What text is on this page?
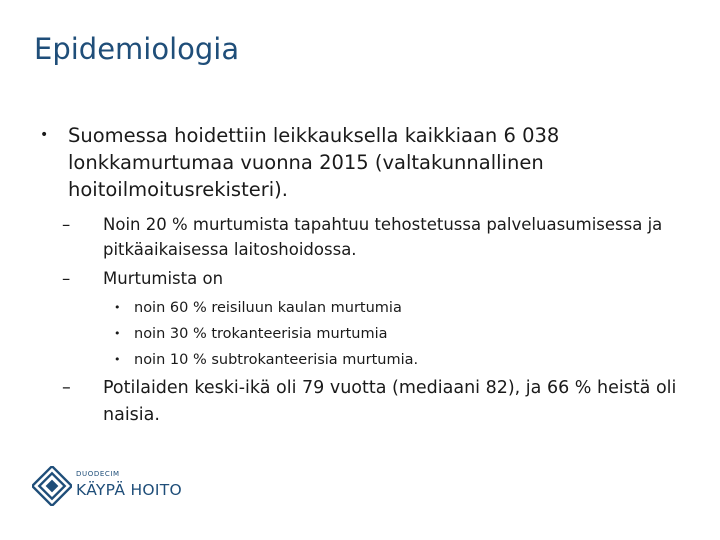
Epidemiologia
• Suomessa hoidettiin leikkauksella kaikkiaan 6 038 lonkkamurtumaa vuonna 2015 (valtakunnallinen hoitoilmoitusrekisteri).
– Noin 20 % murtumista tapahtuu tehostetussa palveluasumisessa ja pitkäaikaisessa laitoshoidossa.
– Murtumista on
• noin 60 % reisiluun kaulan murtumia
• noin 30 % trokanteerisia murtumia
• noin 10 % subtrokanteerisia murtumia.
– Potilaiden keski-ikä oli 79 vuotta (mediaani 82), ja 66 % heistä oli naisia.
DUODECIM
KÄYPÄ HOITO
